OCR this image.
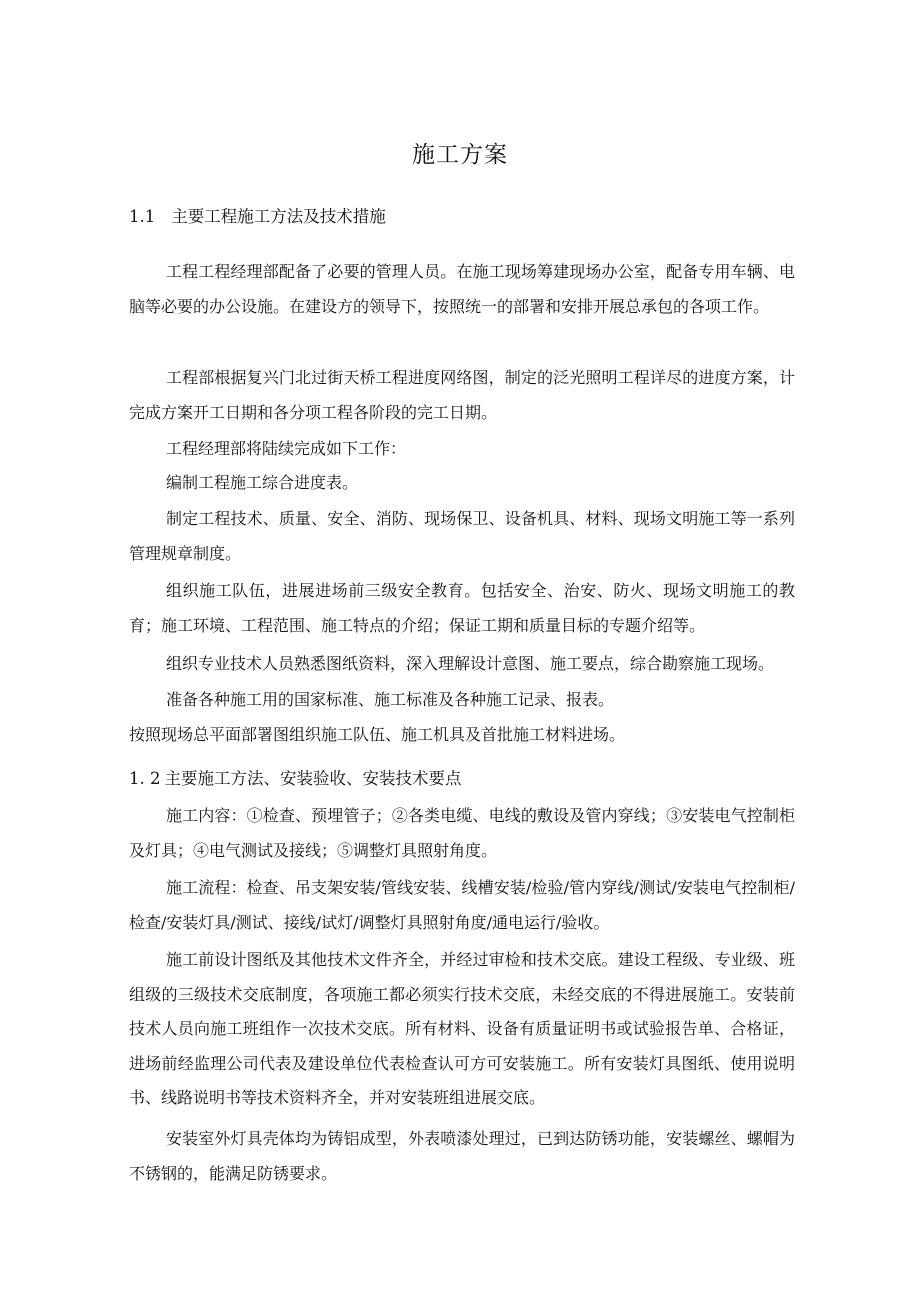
施工方案
1.1 主要工程施工方法及技术措施

工程工程经理部配备了必要的管理人员。在施工现场筹建现场办公室，配备专用车辆、电脑等必要的办公设施。在建设方的领导下，按照统一的部署和安排开展总承包的各项工作。

工程部根据复兴门北过街天桥工程进度网络图，制定的泛光照明工程详尽的进度方案，计完成方案开工日期和各分项工程各阶段的完工日期。

工程经理部将陆续完成如下工作：

编制工程施工综合进度表。

制定工程技术、质量、安全、消防、现场保卫、设备机具、材料、现场文明施工等一系列管理规章制度。

组织施工队伍，进展进场前三级安全教育。包括安全、治安、防火、现场文明施工的教育；施工环境、工程范围、施工特点的介绍；保证工期和质量目标的专题介绍等。

组织专业技术人员熟悉图纸资料，深入理解设计意图、施工要点，综合勘察施工现场。

准备各种施工用的国家标准、施工标准及各种施工记录、报表。

按照现场总平面部署图组织施工队伍、施工机具及首批施工材料进场。

1. 2 主要施工方法、安装验收、安装技术要点

施工内容：①检查、预埋管子；②各类电缆、电线的敷设及管内穿线；③安装电气控制柜及灯具；④电气测试及接线；⑤调整灯具照射角度。

施工流程：检查、吊支架安装/管线安装、线槽安装/检验/管内穿线/测试/安装电气控制柜/检查/安装灯具/测试、接线/试灯/调整灯具照射角度/通电运行/验收。

施工前设计图纸及其他技术文件齐全，并经过审检和技术交底。建设工程级、专业级、班组级的三级技术交底制度，各项施工都必须实行技术交底，未经交底的不得进展施工。安装前技术人员向施工班组作一次技术交底。所有材料、设备有质量证明书或试验报告单、合格证，进场前经监理公司代表及建设单位代表检查认可方可安装施工。所有安装灯具图纸、使用说明书、线路说明书等技术资料齐全，并对安装班组进展交底。

安装室外灯具壳体均为铸铝成型，外表喷漆处理过，已到达防锈功能，安装螺丝、螺帽为不锈钢的，能满足防锈要求。
